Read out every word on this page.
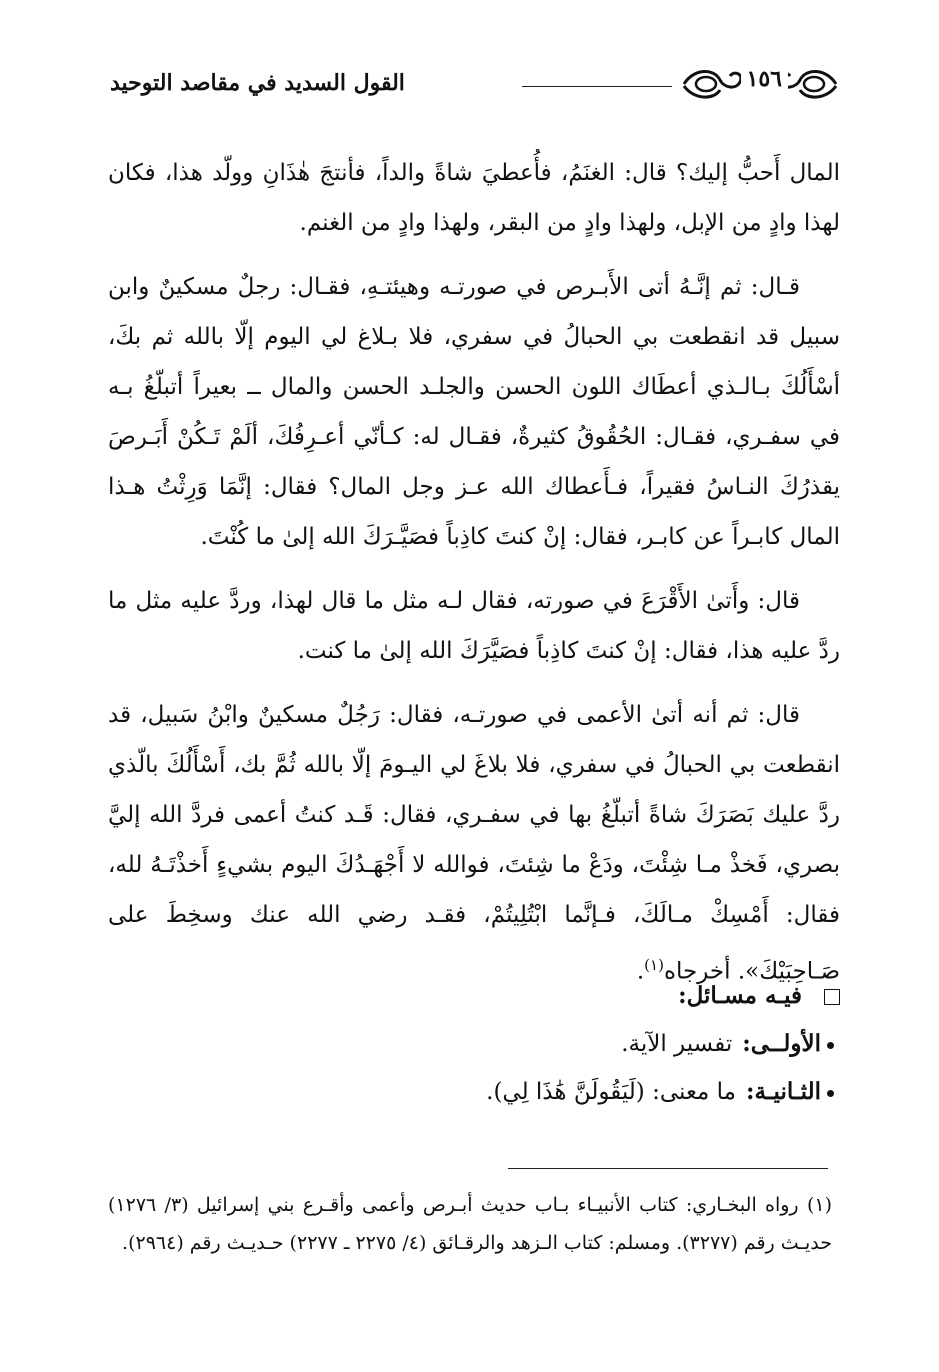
١٥٦
القول السديد في مقاصد التوحيد

المال أَحبُّ إليك؟ قال: الغنَمُ، فأُعطيَ شاةً والداً، فأنتجَ هٰذَانِ وولّد هذا، فكان لهذا وادٍ من الإبل، ولهذا وادٍ من البقر، ولهذا وادٍ من الغنم.

قـال: ثم إنَّـهُ أتى الأَبـرص في صورتـه وهيئتـهِ، فقـال: رجلٌ مسكينٌ وابن سبيل قد انقطعت بي الحبالُ في سفري، فلا بـلاغ لي اليوم إلّا بالله ثم بكَ، أسْأَلُكَ بـالـذي أعطَاك اللون الحسن والجلـد الحسن والمال ــ بعيراً أتبلّغُ بـه في سفـري، فقـال: الحُقُوقُ كثيرةٌ، فقـال له: كـأنّي أعـرِفُكَ، ألَمْ تَـكُنْ أَبَـرصَ يقذرُكَ النـاسُ فقيراً، فـأَعطاك الله عـز وجل المال؟ فقال: إنَّمَا وَرِثْتُ هـذا المال كابـراً عن كابـر، فقال: إنْ كنتَ كاذِباً فصَيَّـرَكَ الله إلىٰ ما كُنْتَ.

قال: وأَتىٰ الأَقْرَعَ في صورته، فقال لـه مثل ما قال لهذا، وردَّ عليه مثل ما ردَّ عليه هذا، فقال: إنْ كنتَ كاذِباً فصَيَّرَكَ الله إلىٰ ما كنت.

قال: ثم أنه أتىٰ الأعمى في صورتـه، فقال: رَجُلٌ مسكينٌ وابْنُ سَبيل، قد انقطعت بي الحبالُ في سفري، فلا بلاغَ لي اليـومَ إلّا بالله ثُمَّ بك، أَسْأَلُكَ بالّذي ردَّ عليك بَصَرَكَ شاةً أتبلّغُ بها في سفـري، فقال: قَـد كنتُ أعمى فردَّ الله إليَّ بصري، فَخذْ مـا شِئْتَ، ودَعْ ما شِئتَ، فوالله لا أَجْهَـدُكَ اليوم بشيءٍ أَخذْتَـهُ لله، فقال: أَمْسِكْ مـالَكَ، فـإنَّما ابْتُلِيتُمْ، فقـد رضي الله عنك وسخِطَ على صَـاحِبَيْكَ». أخرجاه$^{(١)}$.

فيـه مسـائل:
الأولــى:تفسير الآية.
الثـانيـة:ما معنى: (لَيَقُولَنَّ هَٰذَا لِي).
(١) رواه البخـاري: كتاب الأنبيـاء بـاب حديث أبـرص وأعمى وأقـرع بني إسرائيل (٣/ ١٢٧٦) حديـث رقم (٣٢٧٧). ومسلم: كتاب الـزهد والرقـائق (٤/ ٢٢٧٥ ـ ٢٢٧٧) حـديـث رقم (٢٩٦٤).
